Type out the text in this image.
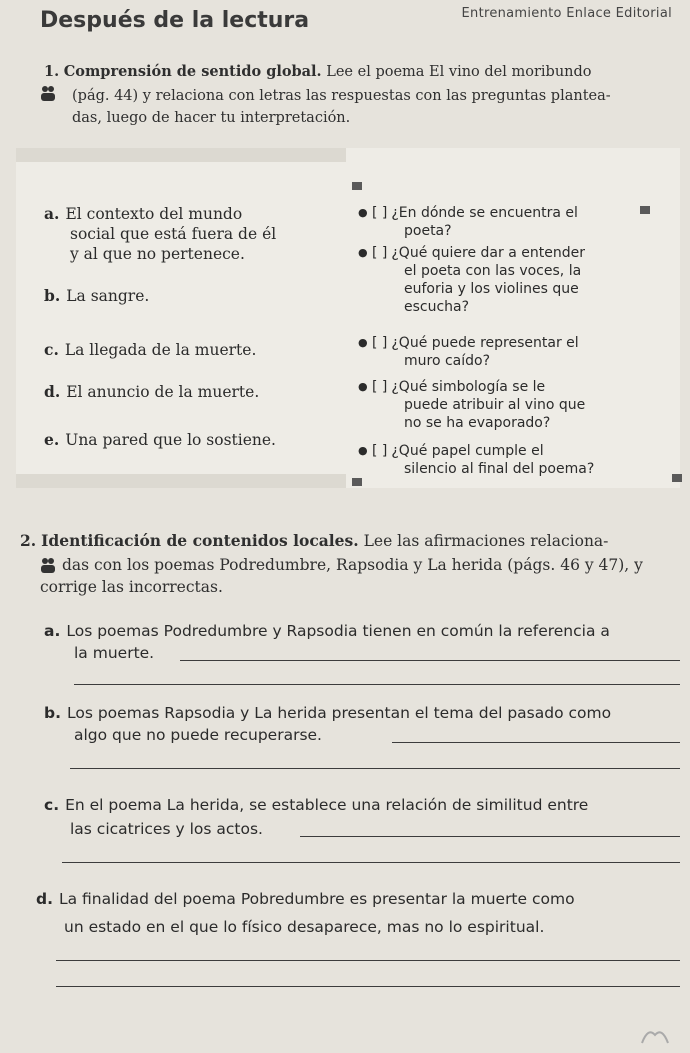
Entrenamiento Enlace Editorial
Después de la lectura
1. Comprensión de sentido global. Lee el poema El vino del moribundo
(pág. 44) y relaciona con letras las respuestas con las preguntas plantea-
das, luego de hacer tu interpretación.
a. El contexto del mundo
social que está fuera de él
y al que no pertenece.
b. La sangre.
c. La llegada de la muerte.
d. El anuncio de la muerte.
e. Una pared que lo sostiene.
● [ ] ¿En dónde se encuentra el
poeta?
● [ ] ¿Qué quiere dar a entender
el poeta con las voces, la
euforia y los violines que
escucha?
● [ ] ¿Qué puede representar el
muro caído?
● [ ] ¿Qué simbología se le
puede atribuir al vino que
no se ha evaporado?
● [ ] ¿Qué papel cumple el
silencio al final del poema?
2. Identificación de contenidos locales. Lee las afirmaciones relaciona-
das con los poemas Podredumbre, Rapsodia y La herida (págs. 46 y 47), y
corrige las incorrectas.
a. Los poemas Podredumbre y Rapsodia tienen en común la referencia a
la muerte.
b. Los poemas Rapsodia y La herida presentan el tema del pasado como
algo que no puede recuperarse.
c. En el poema La herida, se establece una relación de similitud entre
las cicatrices y los actos.
d. La finalidad del poema Pobredumbre es presentar la muerte como
un estado en el que lo físico desaparece, mas no lo espiritual.
